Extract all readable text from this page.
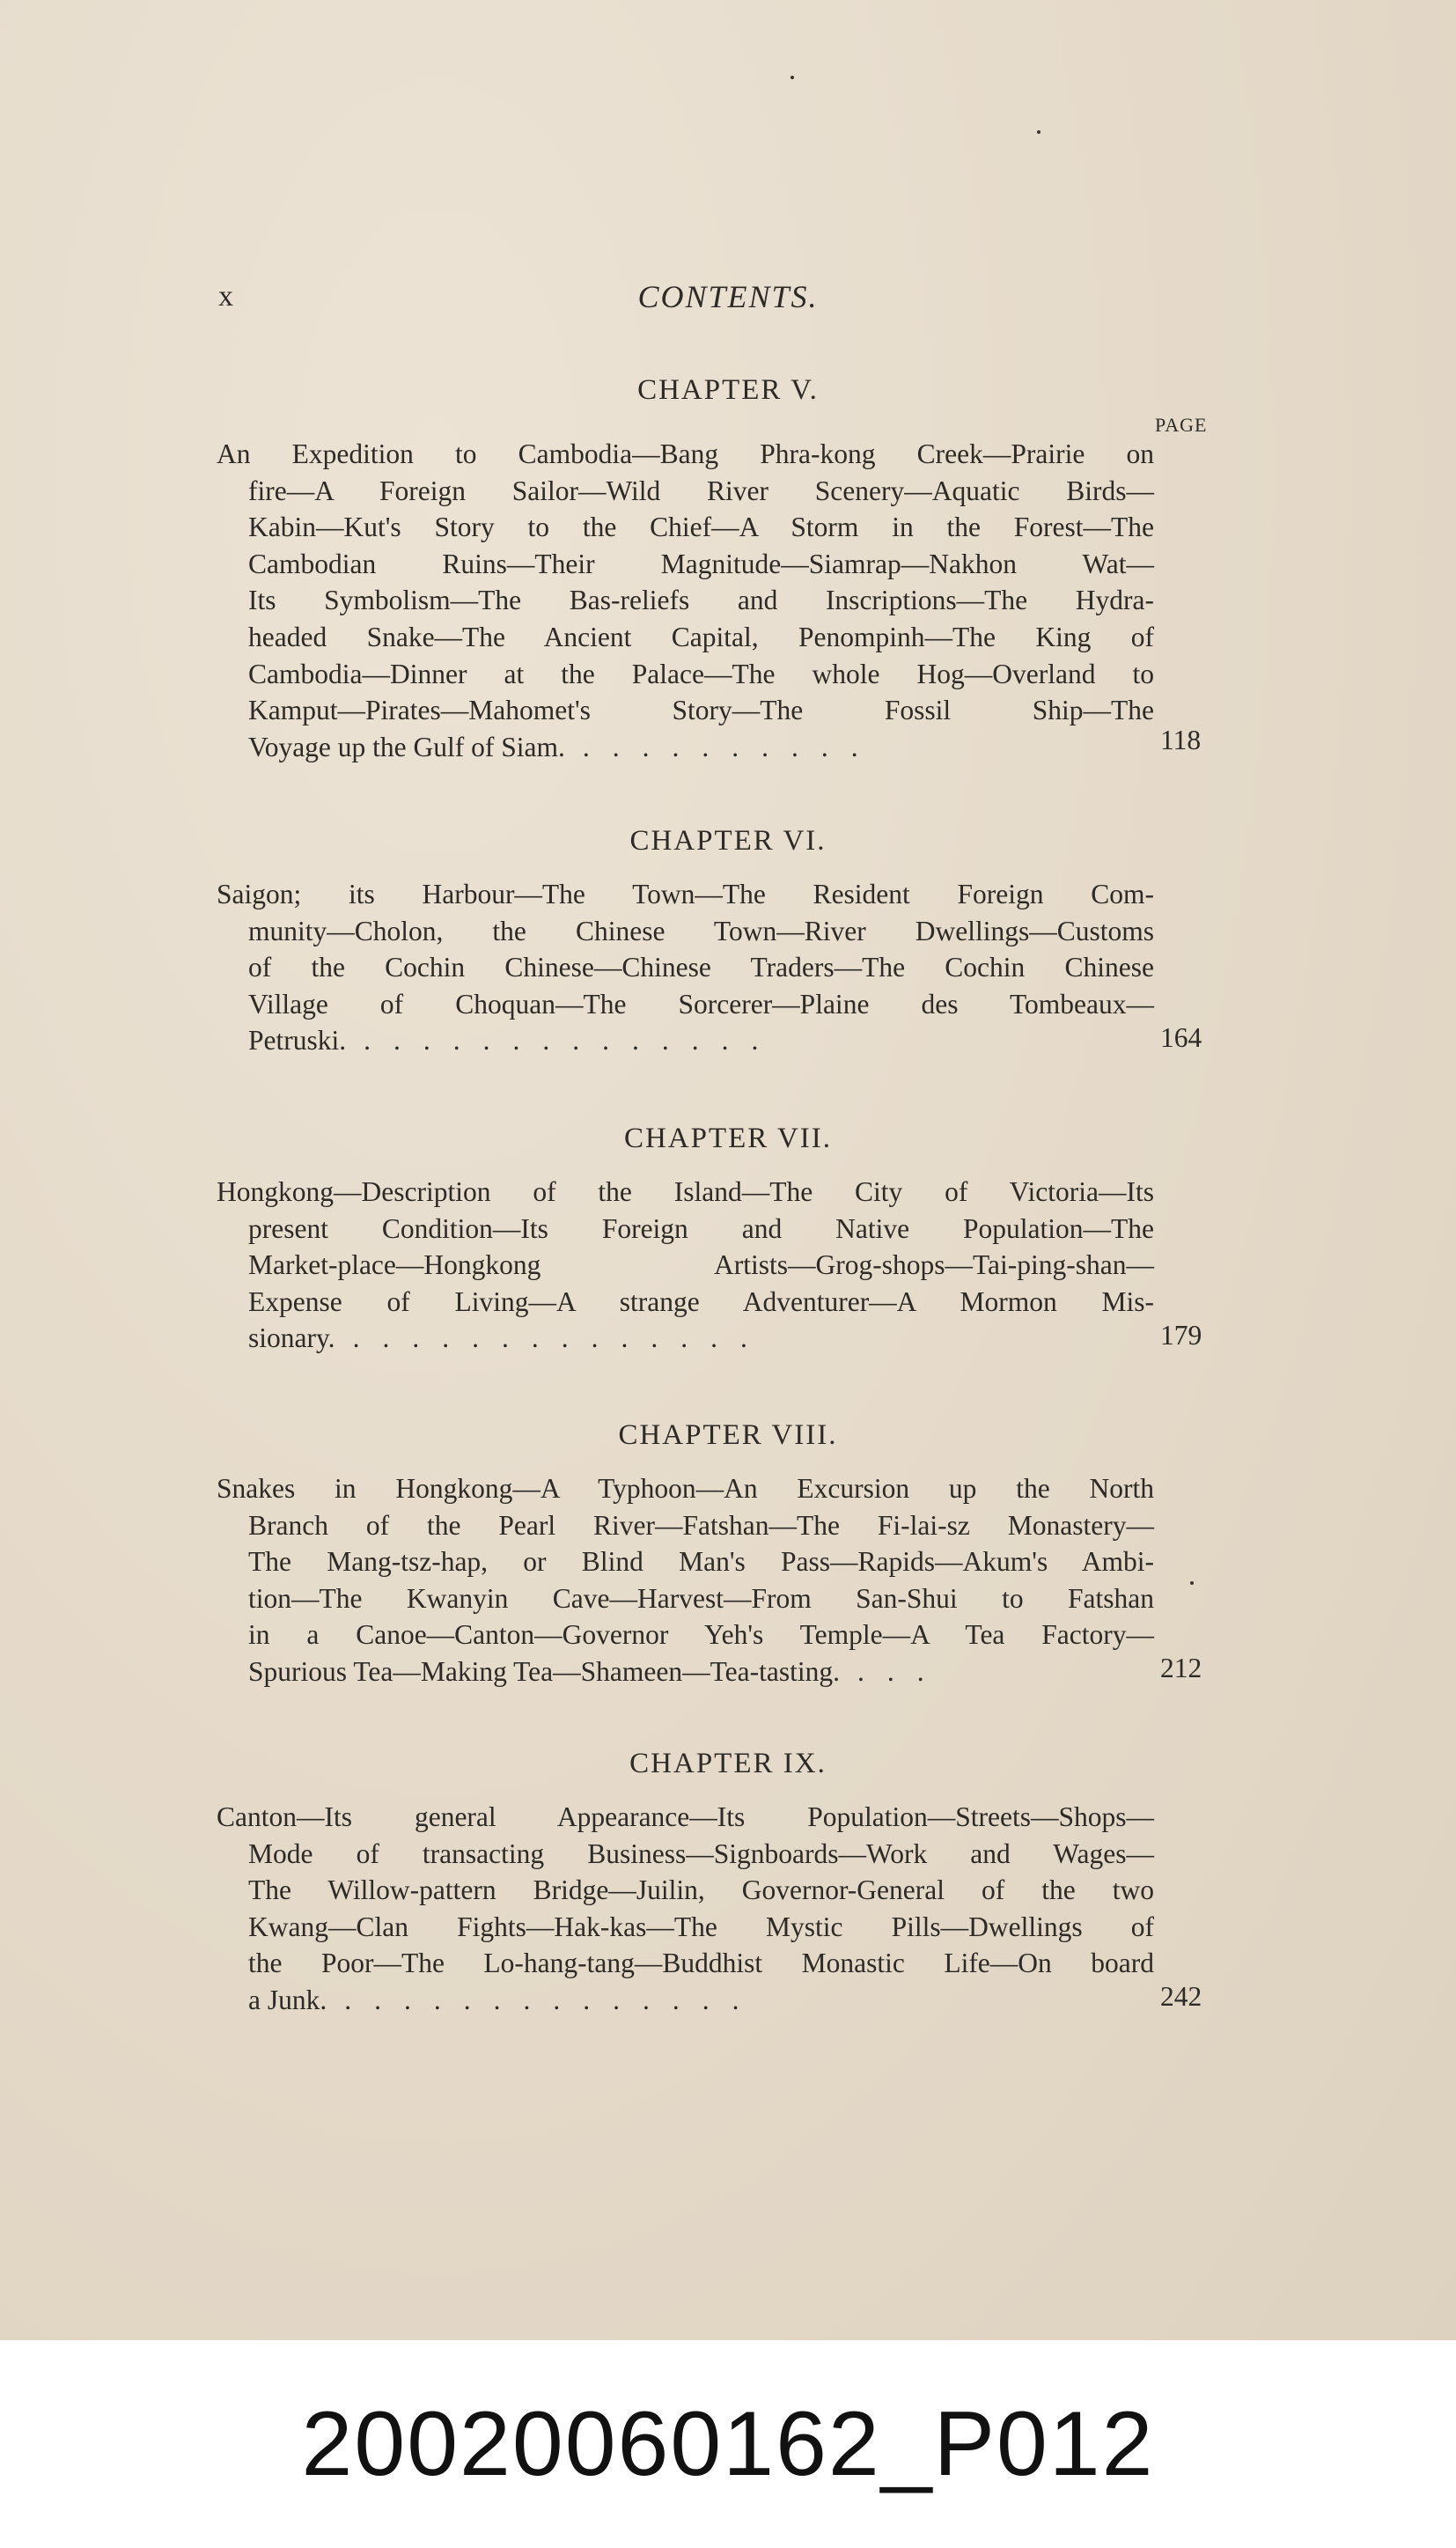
x	CONTENTS.
PAGE
CHAPTER V.
An Expedition to Cambodia—Bang Phra-kong Creek—Prairie on
fire—A Foreign Sailor—Wild River Scenery—Aquatic Birds—
Kabin—Kut's Story to the Chief—A Storm in the Forest—The
Cambodian Ruins—Their Magnitude—Siamrap—Nakhon Wat—
Its Symbolism—The Bas-reliefs and Inscriptions—The Hydra-
headed Snake—The Ancient Capital, Penompinh—The King of
Cambodia—Dinner at the Palace—The whole Hog—Overland to
Kamput—Pirates—Mahomet's Story—The Fossil Ship—The
Voyage up the Gulf of Siam. ..........	118
CHAPTER VI.
Saigon; its Harbour—The Town—The Resident Foreign Com-
munity—Cholon, the Chinese Town—River Dwellings—Customs
of the Cochin Chinese—Chinese Traders—The Cochin Chinese
Village of Choquan—The Sorcerer—Plaine des Tombeaux—
Petruski. ..............	164
CHAPTER VII.
Hongkong—Description of the Island—The City of Victoria—Its
present Condition—Its Foreign and Native Population—The
Market-place—Hongkong Artists—Grog-shops—Tai-ping-shan—
Expense of Living—A strange Adventurer—A Mormon Mis-
sionary. ..............	179
CHAPTER VIII.
Snakes in Hongkong—A Typhoon—An Excursion up the North
Branch of the Pearl River—Fatshan—The Fi-lai-sz Monastery—
The Mang-tsz-hap, or Blind Man's Pass—Rapids—Akum's Ambi-
tion—The Kwanyin Cave—Harvest—From San-Shui to Fatshan
in a Canoe—Canton—Governor Yeh's Temple—A Tea Factory—
Spurious Tea—Making Tea—Shameen—Tea-tasting. ...	212
CHAPTER IX.
Canton—Its general Appearance—Its Population—Streets—Shops—
Mode of transacting Business—Signboards—Work and Wages—
The Willow-pattern Bridge—Juilin, Governor-General of the two
Kwang—Clan Fights—Hak-kas—The Mystic Pills—Dwellings of
the Poor—The Lo-hang-tang—Buddhist Monastic Life—On board
a Junk. ..............	242
20020060162_P012
